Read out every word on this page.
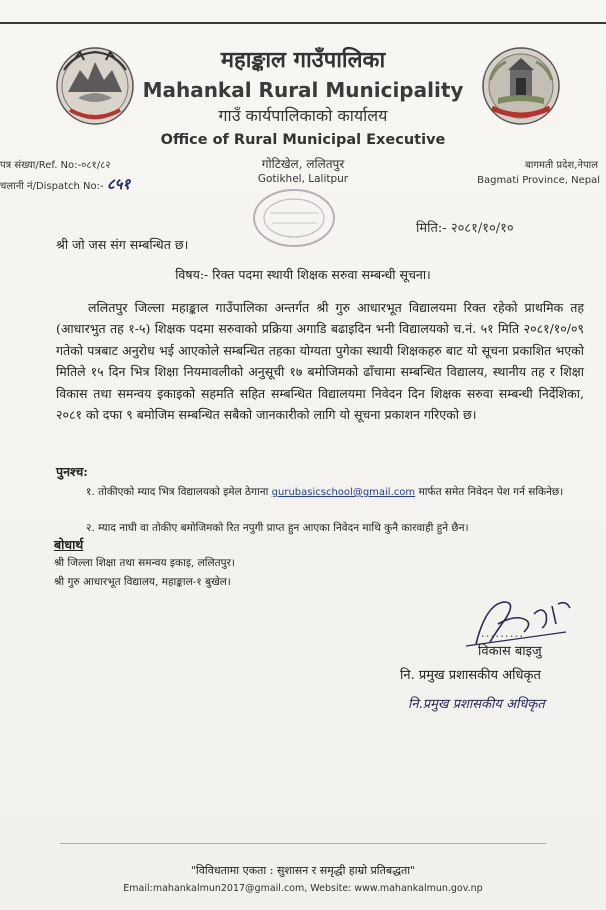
महाङ्काल गाउँपालिका
Mahankal Rural Municipality
गाउँ कार्यपालिकाको कार्यालय
Office of Rural Municipal Executive
गोटिखेल, ललितपुर
Gotikhel, Lalitpur
पत्र संख्या/Ref. No:-०८१/८२
चलानी नं/Dispatch No:- ८५१
बागमती प्रदेश,नेपाल
Bagmati Province, Nepal
मिति:- २०८१/१०/१०
श्री जो जस संग सम्बन्धित छ।
विषय:- रिक्त पदमा स्थायी शिक्षक सरुवा सम्बन्धी सूचना।
ललितपुर जिल्ला महाङ्काल गाउँपालिका अन्तर्गत श्री गुरु आधारभूत विद्यालयमा रिक्त रहेको प्राथमिक तह (आधारभुत तह १-५) शिक्षक पदमा सरुवाको प्रक्रिया अगाडि बढाइदिन भनी विद्यालयको च.नं. ५१ मिति २०८१/१०/०९ गतेको पत्रबाट अनुरोध भई आएकोले सम्बन्धित तहका योग्यता पुगेका स्थायी शिक्षकहरु बाट यो सूचना प्रकाशित भएको मितिले १५ दिन भित्र शिक्षा नियमावलीको अनुसूची १७ बमोजिमको ढाँचामा सम्बन्धित विद्यालय, स्थानीय तह र शिक्षा विकास तथा समन्वय इकाइको सहमति सहित सम्बन्धित विद्यालयमा निवेदन दिन शिक्षक सरुवा सम्बन्धी निर्देशिका, २०८१ को दफा ९ बमोजिम सम्बन्धित सबैको जानकारीको लागि यो सूचना प्रकाशन गरिएको छ।
पुनश्च:
१. तोकीएको म्याद भित्र विद्यालयको इमेल ठेगाना gurubasicschool@gmail.com मार्फत समेत निवेदन पेश गर्न सकिनेछ।
२. म्याद नाघी वा तोकीए बमोजिमको रित नपुगी प्राप्त हुन आएका निवेदन माथि कुनै कारवाही हुने छैन।
बोधार्थ
श्री जिल्ला शिक्षा तथा समन्वय इकाइ, ललितपुर।
श्री गुरु आधारभूत विद्यालय, महाङ्काल-१ बुखेल।
..........
विकास बाइजु
नि. प्रमुख प्रशासकीय अधिकृत
नि.प्रमुख प्रशासकीय अधिकृत
"विविधतामा एकता : सुशासन र समृद्धी हाम्रो प्रतिबद्धता"
Email:mahankalmun2017@gmail.com, Website: www.mahankalmun.gov.np
